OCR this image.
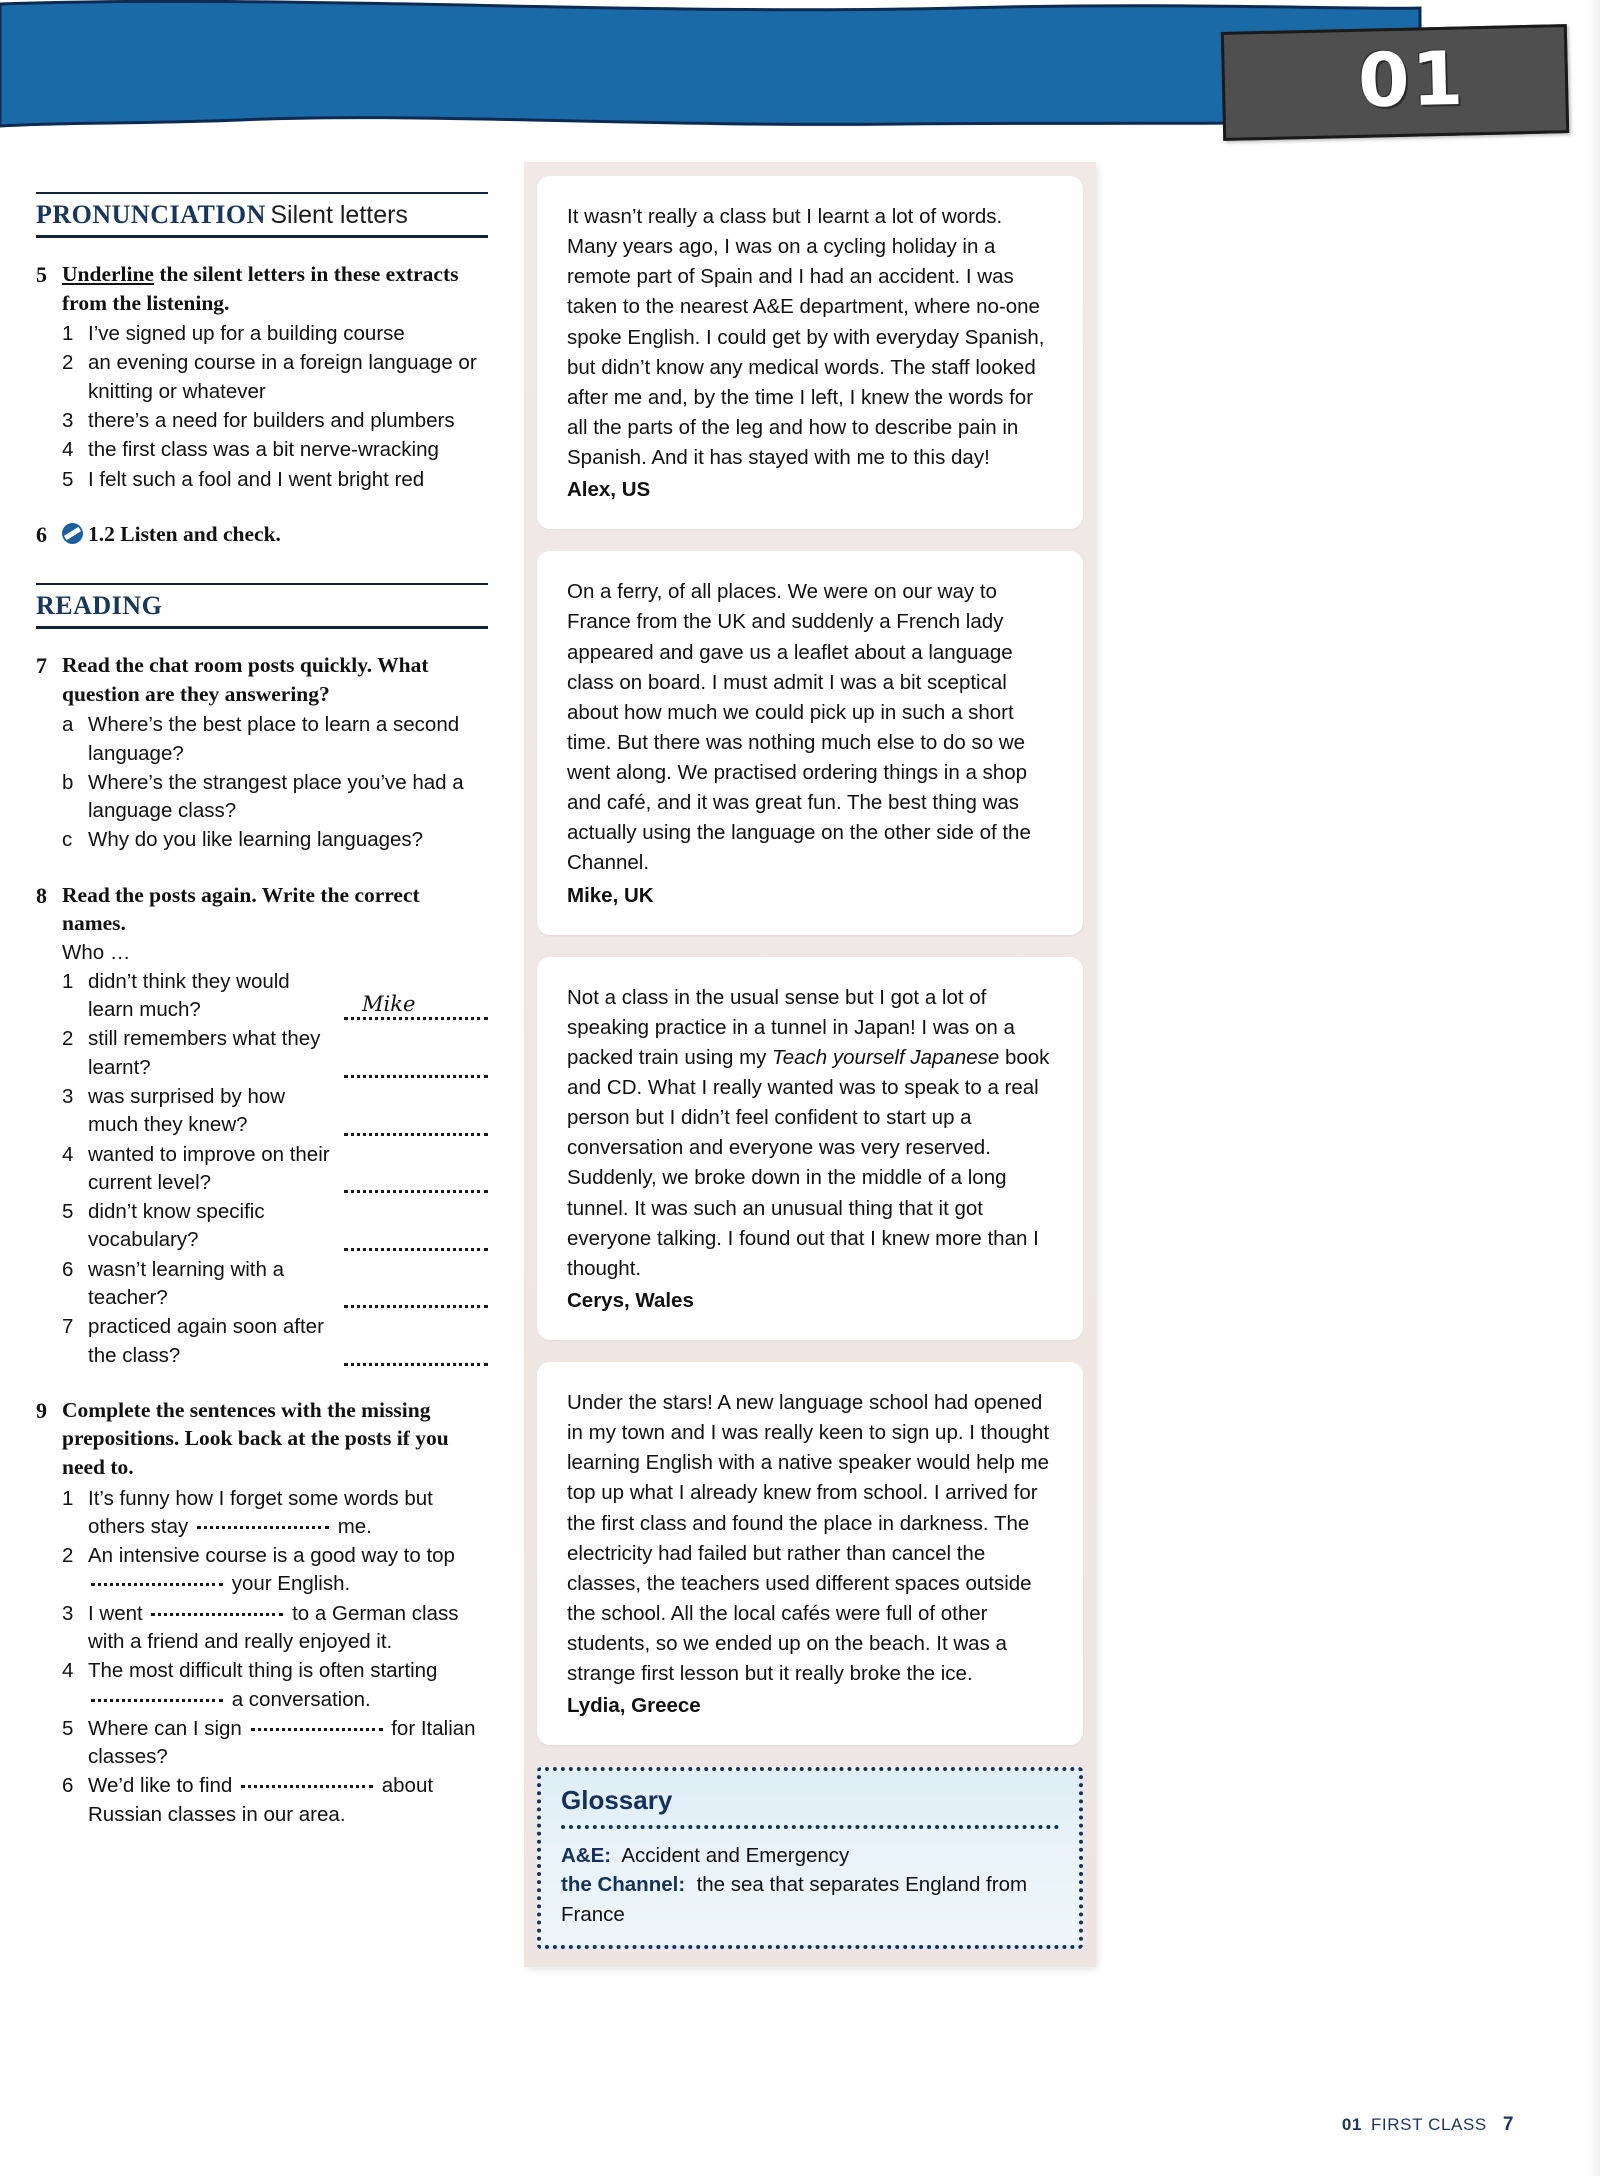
01
PRONUNCIATION Silent letters
5 Underline the silent letters in these extracts from the listening.
1 I’ve signed up for a building course
2 an evening course in a foreign language or knitting or whatever
3 there’s a need for builders and plumbers
4 the first class was a bit nerve-wracking
5 I felt such a fool and I went bright red
6	1.2 Listen and check.
READING
7 Read the chat room posts quickly. What question are they answering?
a Where’s the best place to learn a second language?
b Where’s the strangest place you’ve had a language class?
c Why do you like learning languages?
8 Read the posts again. Write the correct names.
Who …
1 didn’t think they would learn much?	Mike
2 still remembers what they learnt?
3 was surprised by how much they knew?
4 wanted to improve on their current level?
5 didn’t know specific vocabulary?
6 wasn’t learning with a teacher?
7 practiced again soon after the class?
9 Complete the sentences with the missing prepositions. Look back at the posts if you need to.
1 It’s funny how I forget some words but others stay	me.
2 An intensive course is a good way to top  your English.
3 I went	to a German class with a friend and really enjoyed it.
4 The most difficult thing is often starting  a conversation.
5 Where can I sign	for Italian classes?
6 We’d like to find	about Russian classes in our area.
It wasn’t really a class but I learnt a lot of words. Many years ago, I was on a cycling holiday in a remote part of Spain and I had an accident. I was taken to the nearest A&E department, where no-one spoke English. I could get by with everyday Spanish, but didn’t know any medical words. The staff looked after me and, by the time I left, I knew the words for all the parts of the leg and how to describe pain in Spanish. And it has stayed with me to this day!
Alex, US
On a ferry, of all places. We were on our way to France from the UK and suddenly a French lady appeared and gave us a leaflet about a language class on board. I must admit I was a bit sceptical about how much we could pick up in such a short time. But there was nothing much else to do so we went along. We practised ordering things in a shop and café, and it was great fun. The best thing was actually using the language on the other side of the Channel.
Mike, UK
Not a class in the usual sense but I got a lot of speaking practice in a tunnel in Japan! I was on a packed train using my Teach yourself Japanese book and CD. What I really wanted was to speak to a real person but I didn’t feel confident to start up a conversation and everyone was very reserved. Suddenly, we broke down in the middle of a long tunnel. It was such an unusual thing that it got everyone talking. I found out that I knew more than I thought.
Cerys, Wales
Under the stars! A new language school had opened in my town and I was really keen to sign up. I thought learning English with a native speaker would help me top up what I already knew from school. I arrived for the first class and found the place in darkness. The electricity had failed but rather than cancel the classes, the teachers used different spaces outside the school. All the local cafés were full of other students, so we ended up on the beach. It was a strange first lesson but it really broke the ice.
Lydia, Greece
Glossary
A&E: Accident and Emergency
the Channel: the sea that separates England from France
01 FIRST CLASS 7
